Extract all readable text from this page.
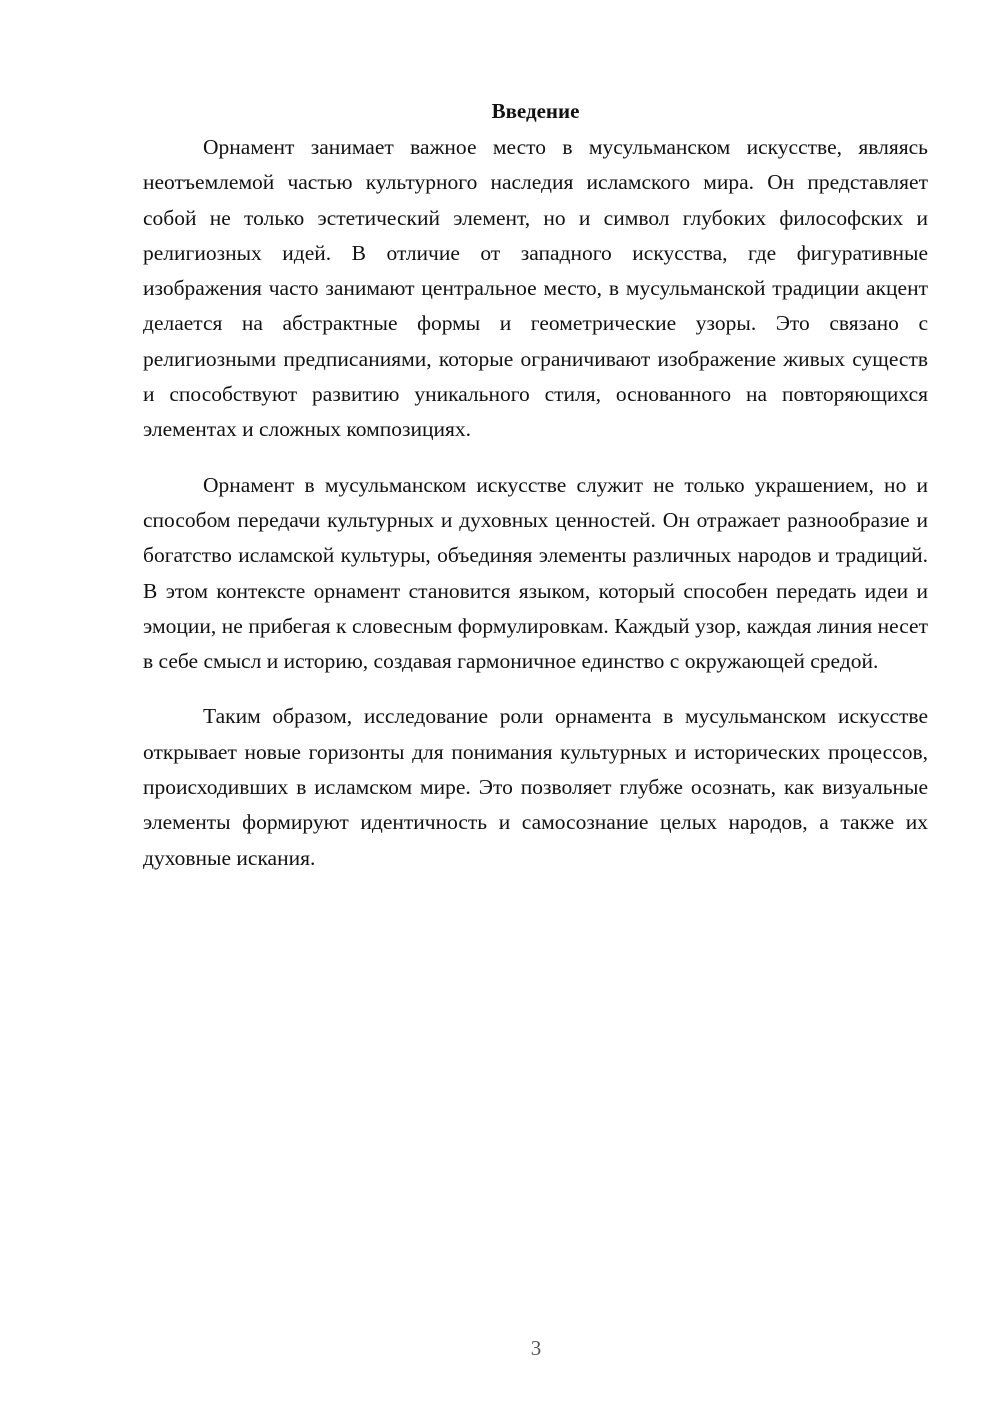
Введение

Орнамент занимает важное место в мусульманском искусстве, являясь неотъемлемой частью культурного наследия исламского мира. Он представляет собой не только эстетический элемент, но и символ глубоких философских и религиозных идей. В отличие от западного искусства, где фигуративные изображения часто занимают центральное место, в мусульманской традиции акцент делается на абстрактные формы и геометрические узоры. Это связано с религиозными предписаниями, которые ограничивают изображение живых существ и способствуют развитию уникального стиля, основанного на повторяющихся элементах и сложных композициях.

Орнамент в мусульманском искусстве служит не только украшением, но и способом передачи культурных и духовных ценностей. Он отражает разнообразие и богатство исламской культуры, объединяя элементы различных народов и традиций. В этом контексте орнамент становится языком, который способен передать идеи и эмоции, не прибегая к словесным формулировкам. Каждый узор, каждая линия несет в себе смысл и историю, создавая гармоничное единство с окружающей средой.

Таким образом, исследование роли орнамента в мусульманском искусстве открывает новые горизонты для понимания культурных и исторических процессов, происходивших в исламском мире. Это позволяет глубже осознать, как визуальные элементы формируют идентичность и самосознание целых народов, а также их духовные искания.

3
